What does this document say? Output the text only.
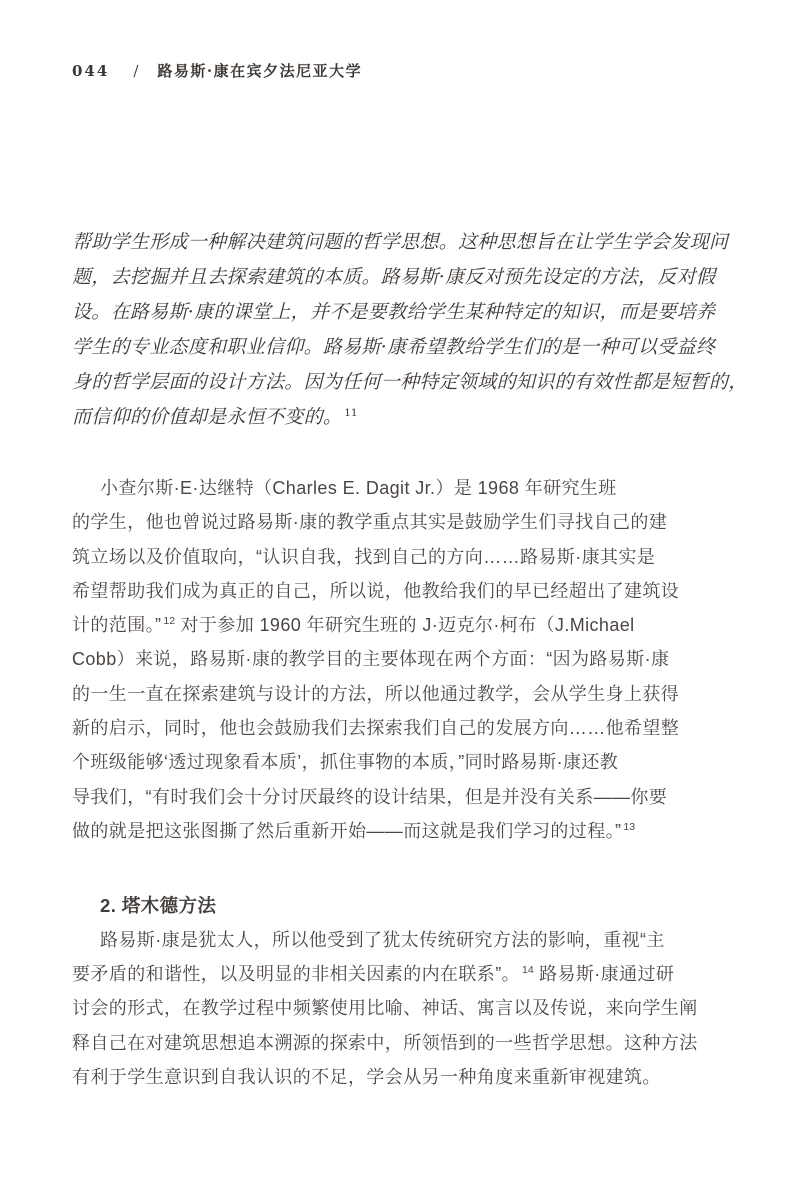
044 / 路易斯·康在宾夕法尼亚大学
帮助学生形成一种解决建筑问题的哲学思想。这种思想旨在让学生学会发现问
题，去挖掘并且去探索建筑的本质。路易斯·康反对预先设定的方法，反对假
设。在路易斯·康的课堂上，并不是要教给学生某种特定的知识，而是要培养
学生的专业态度和职业信仰。路易斯·康希望教给学生们的是一种可以受益终
身的哲学层面的设计方法。因为任何一种特定领域的知识的有效性都是短暂的，
而信仰的价值却是永恒不变的。 $^{11}$
小查尔斯·E·达继特（Charles E. Dagit Jr.）是 1968 年研究生班
的学生，他也曾说过路易斯·康的教学重点其实是鼓励学生们寻找自己的建
筑立场以及价值取向，“认识自我，找到自己的方向……路易斯·康其实是
希望帮助我们成为真正的自己，所以说，他教给我们的早已经超出了建筑设
计的范围。” $^{12}$ 对于参加 1960 年研究生班的 J·迈克尔·柯布（J.Michael
Cobb）来说，路易斯·康的教学目的主要体现在两个方面：“因为路易斯·康
的一生一直在探索建筑与设计的方法，所以他通过教学，会从学生身上获得
新的启示，同时，他也会鼓励我们去探索我们自己的发展方向……他希望整
个班级能够‘透过现象看本质’，抓住事物的本质，”同时路易斯·康还教
导我们，“有时我们会十分讨厌最终的设计结果，但是并没有关系——你要
做的就是把这张图撕了然后重新开始——而这就是我们学习的过程。” $^{13}$
2. 塔木德方法
路易斯·康是犹太人，所以他受到了犹太传统研究方法的影响，重视“主
要矛盾的和谐性，以及明显的非相关因素的内在联系”。 $^{14}$ 路易斯·康通过研
讨会的形式，在教学过程中频繁使用比喻、神话、寓言以及传说，来向学生阐
释自己在对建筑思想追本溯源的探索中，所领悟到的一些哲学思想。这种方法
有利于学生意识到自我认识的不足，学会从另一种角度来重新审视建筑。
